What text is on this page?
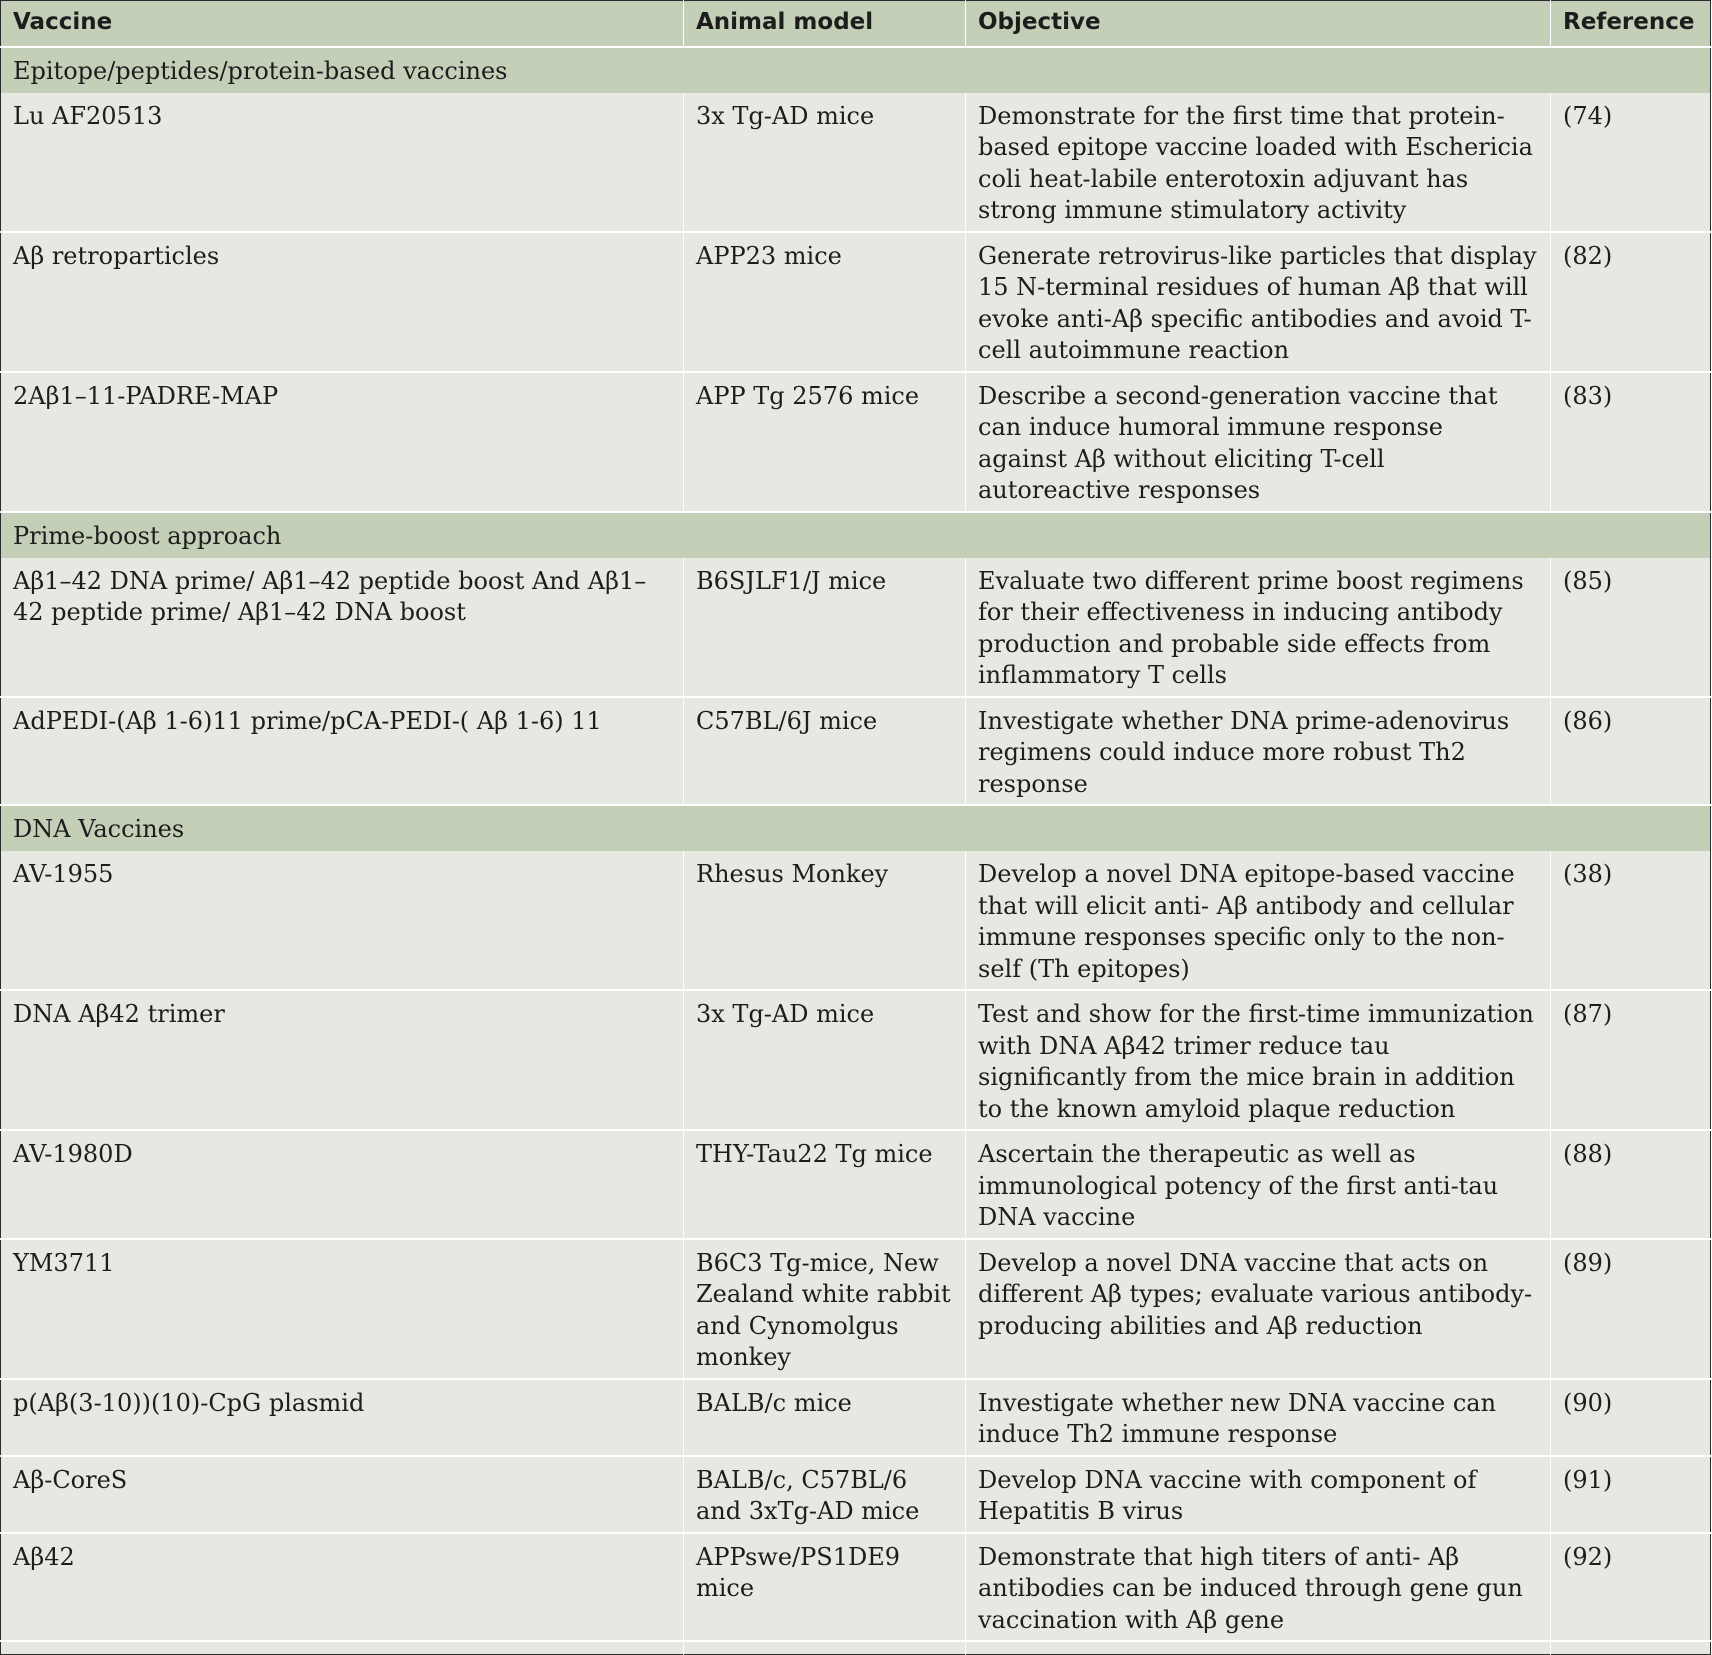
Vaccine	Animal model	Objective	Reference
Epitope/peptides/protein-based vaccines			
Lu AF20513	3x Tg-AD mice	Demonstrate for the first time that protein-based epitope vaccine loaded with Eschericia coli heat-labile enterotoxin adjuvant has strong immune stimulatory activity	(74)
Aβ retroparticles	APP23 mice	Generate retrovirus-like particles that display 15 N-terminal residues of human Aβ that will evoke anti-Aβ specific antibodies and avoid T-cell autoimmune reaction	(82)
2Aβ1–11-PADRE-MAP	APP Tg 2576 mice	Describe a second-generation vaccine that can induce humoral immune response against Aβ without eliciting T-cell autoreactive responses	(83)
Prime-boost approach			
Aβ1–42 DNA prime/ Aβ1–42 peptide boost And Aβ1–42 peptide prime/ Aβ1–42 DNA boost	B6SJLF1/J mice	Evaluate two different prime boost regimens for their effectiveness in inducing antibody production and probable side effects from inflammatory T cells	(85)
AdPEDI-(Aβ 1-6)11 prime/pCA-PEDI-( Aβ 1-6) 11	C57BL/6J mice	Investigate whether DNA prime-adenovirus regimens could induce more robust Th2 response	(86)
DNA Vaccines			
AV-1955	Rhesus Monkey	Develop a novel DNA epitope-based vaccine that will elicit anti- Aβ antibody and cellular immune responses specific only to the non-self (Th epitopes)	(38)
DNA Aβ42 trimer	3x Tg-AD mice	Test and show for the first-time immunization with DNA Aβ42 trimer reduce tau significantly from the mice brain in addition to the known amyloid plaque reduction	(87)
AV-1980D	THY-Tau22 Tg mice	Ascertain the therapeutic as well as immunological potency of the first anti-tau DNA vaccine	(88)
YM3711	B6C3 Tg-mice, New Zealand white rabbit and Cynomolgus monkey	Develop a novel DNA vaccine that acts on different Aβ types; evaluate various antibody-producing abilities and Aβ reduction	(89)
p(Aβ(3-10))(10)-CpG plasmid	BALB/c mice	Investigate whether new DNA vaccine can induce Th2 immune response	(90)
Aβ-CoreS	BALB/c, C57BL/6 and 3xTg-AD mice	Develop DNA vaccine with component of Hepatitis B virus	(91)
Aβ42	APPswe/PS1DE9 mice	Demonstrate that high titers of anti- Aβ antibodies can be induced through gene gun vaccination with Aβ gene	(92)
